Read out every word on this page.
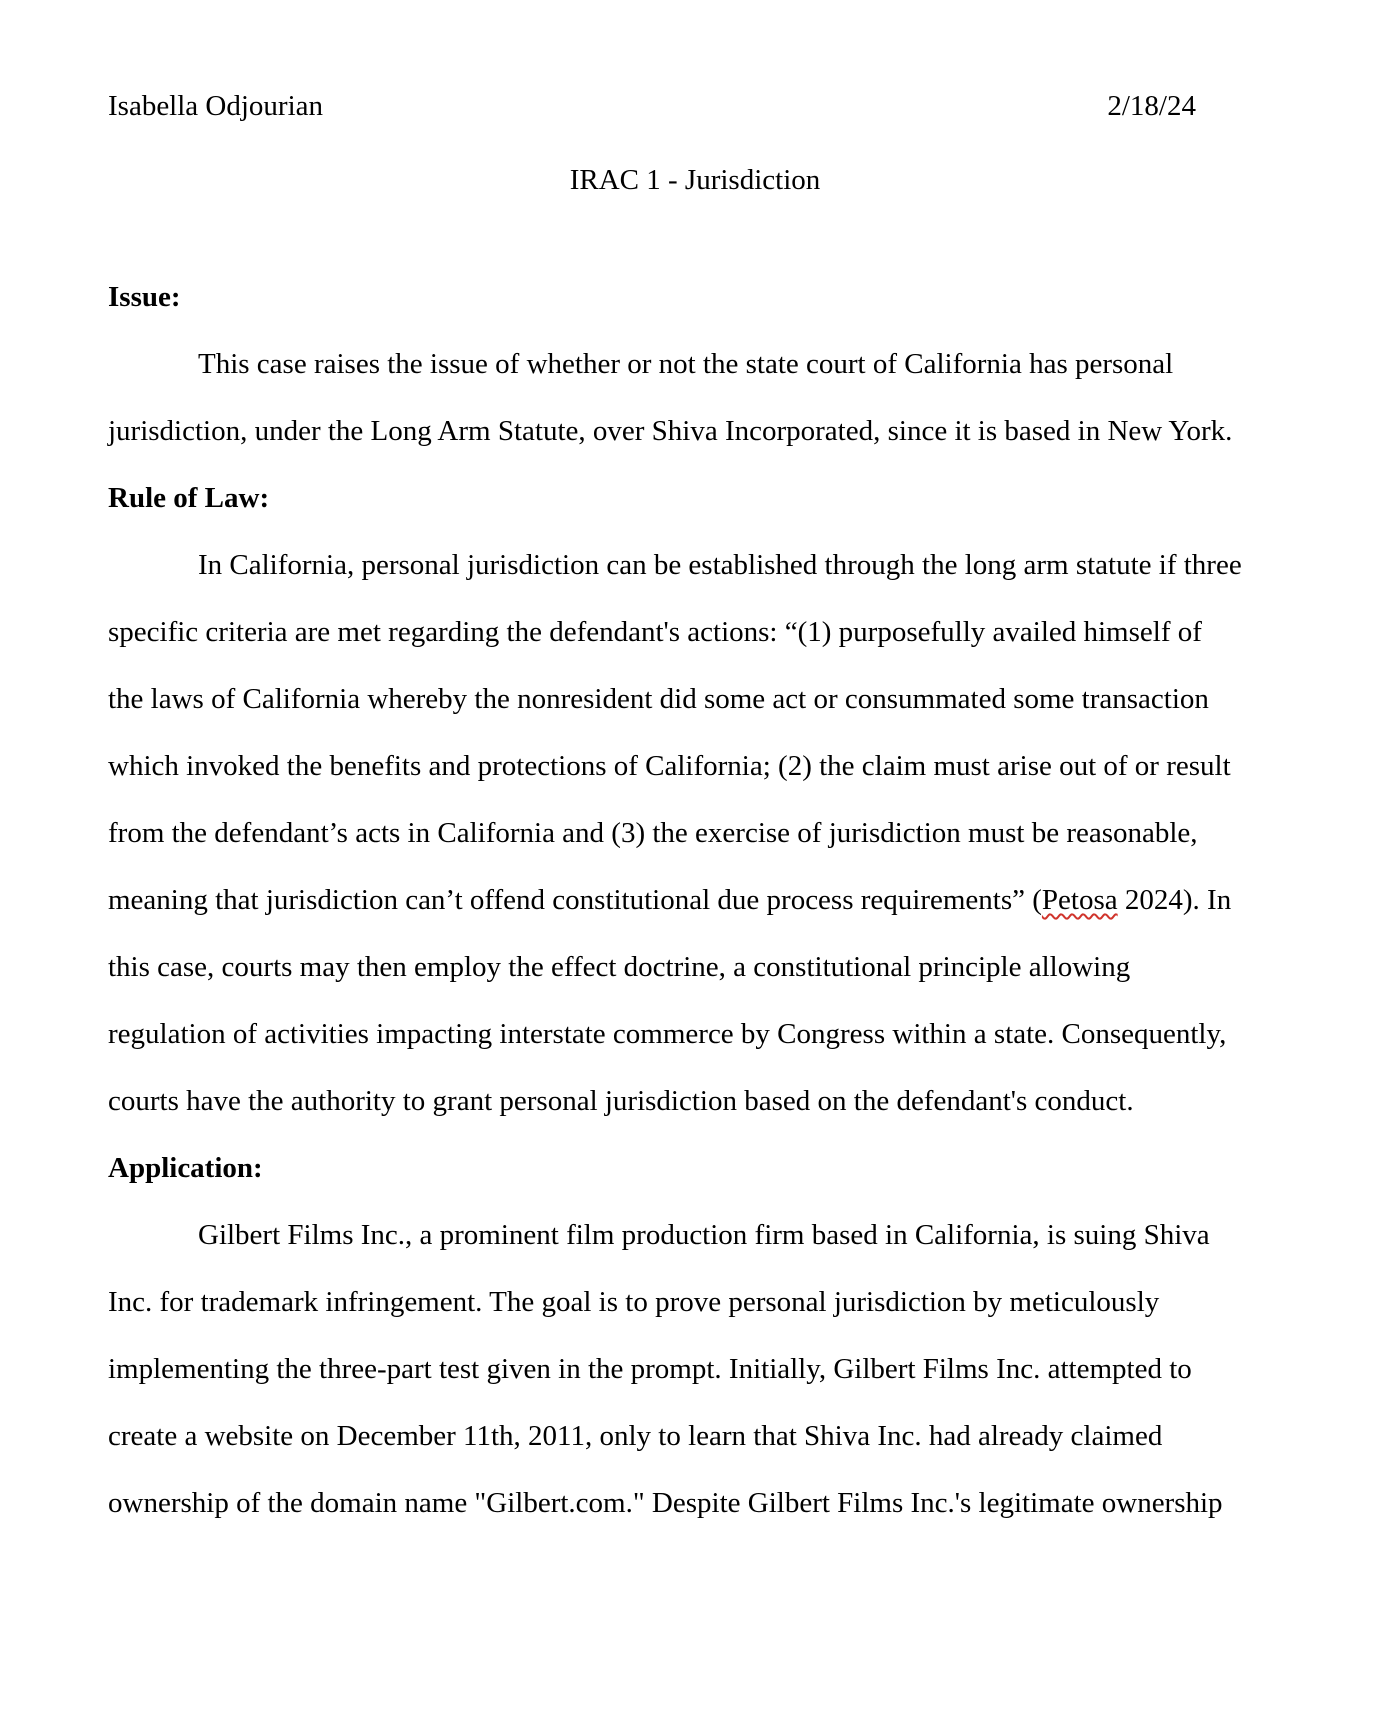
Isabella Odjourian	2/18/24
IRAC 1 - Jurisdiction
Issue:
This case raises the issue of whether or not the state court of California has personal
jurisdiction, under the Long Arm Statute, over Shiva Incorporated, since it is based in New York.
Rule of Law:
In California, personal jurisdiction can be established through the long arm statute if three
specific criteria are met regarding the defendant's actions: “(1) purposefully availed himself of
the laws of California whereby the nonresident did some act or consummated some transaction
which invoked the benefits and protections of California; (2) the claim must arise out of or result
from the defendant’s acts in California and (3) the exercise of jurisdiction must be reasonable,
meaning that jurisdiction can’t offend constitutional due process requirements” (Petosa 2024). In
this case, courts may then employ the effect doctrine, a constitutional principle allowing
regulation of activities impacting interstate commerce by Congress within a state. Consequently,
courts have the authority to grant personal jurisdiction based on the defendant's conduct.
Application:
Gilbert Films Inc., a prominent film production firm based in California, is suing Shiva
Inc. for trademark infringement. The goal is to prove personal jurisdiction by meticulously
implementing the three-part test given in the prompt. Initially, Gilbert Films Inc. attempted to
create a website on December 11th, 2011, only to learn that Shiva Inc. had already claimed
ownership of the domain name "Gilbert.com." Despite Gilbert Films Inc.'s legitimate ownership
